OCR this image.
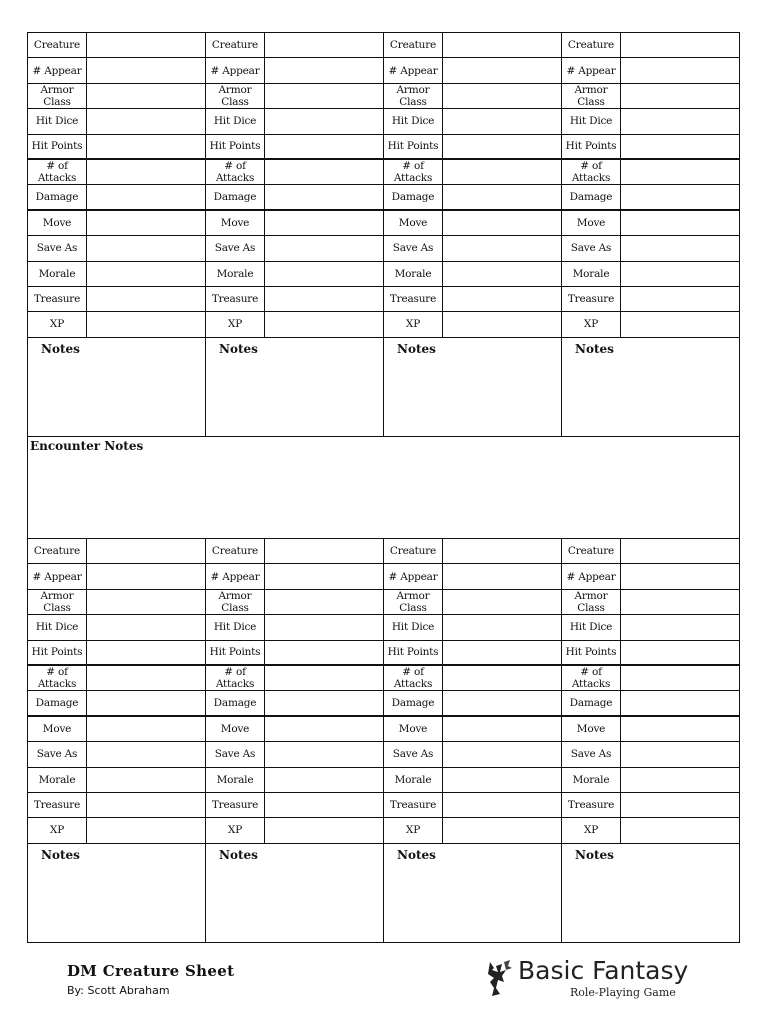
Creature
# Appear
Armor
Class
Hit Dice
Hit Points
# of
Attacks
Damage
Move
Save As
Morale
Treasure
XP
Notes
Creature
# Appear
Armor
Class
Hit Dice
Hit Points
# of
Attacks
Damage
Move
Save As
Morale
Treasure
XP
Notes
Creature
# Appear
Armor
Class
Hit Dice
Hit Points
# of
Attacks
Damage
Move
Save As
Morale
Treasure
XP
Notes
Creature
# Appear
Armor
Class
Hit Dice
Hit Points
# of
Attacks
Damage
Move
Save As
Morale
Treasure
XP
Notes
Encounter Notes
Creature
# Appear
Armor
Class
Hit Dice
Hit Points
# of
Attacks
Damage
Move
Save As
Morale
Treasure
XP
Notes
Creature
# Appear
Armor
Class
Hit Dice
Hit Points
# of
Attacks
Damage
Move
Save As
Morale
Treasure
XP
Notes
Creature
# Appear
Armor
Class
Hit Dice
Hit Points
# of
Attacks
Damage
Move
Save As
Morale
Treasure
XP
Notes
Creature
# Appear
Armor
Class
Hit Dice
Hit Points
# of
Attacks
Damage
Move
Save As
Morale
Treasure
XP
Notes
DM Creature Sheet
By: Scott Abraham
Basic Fantasy
Role-Playing Game
